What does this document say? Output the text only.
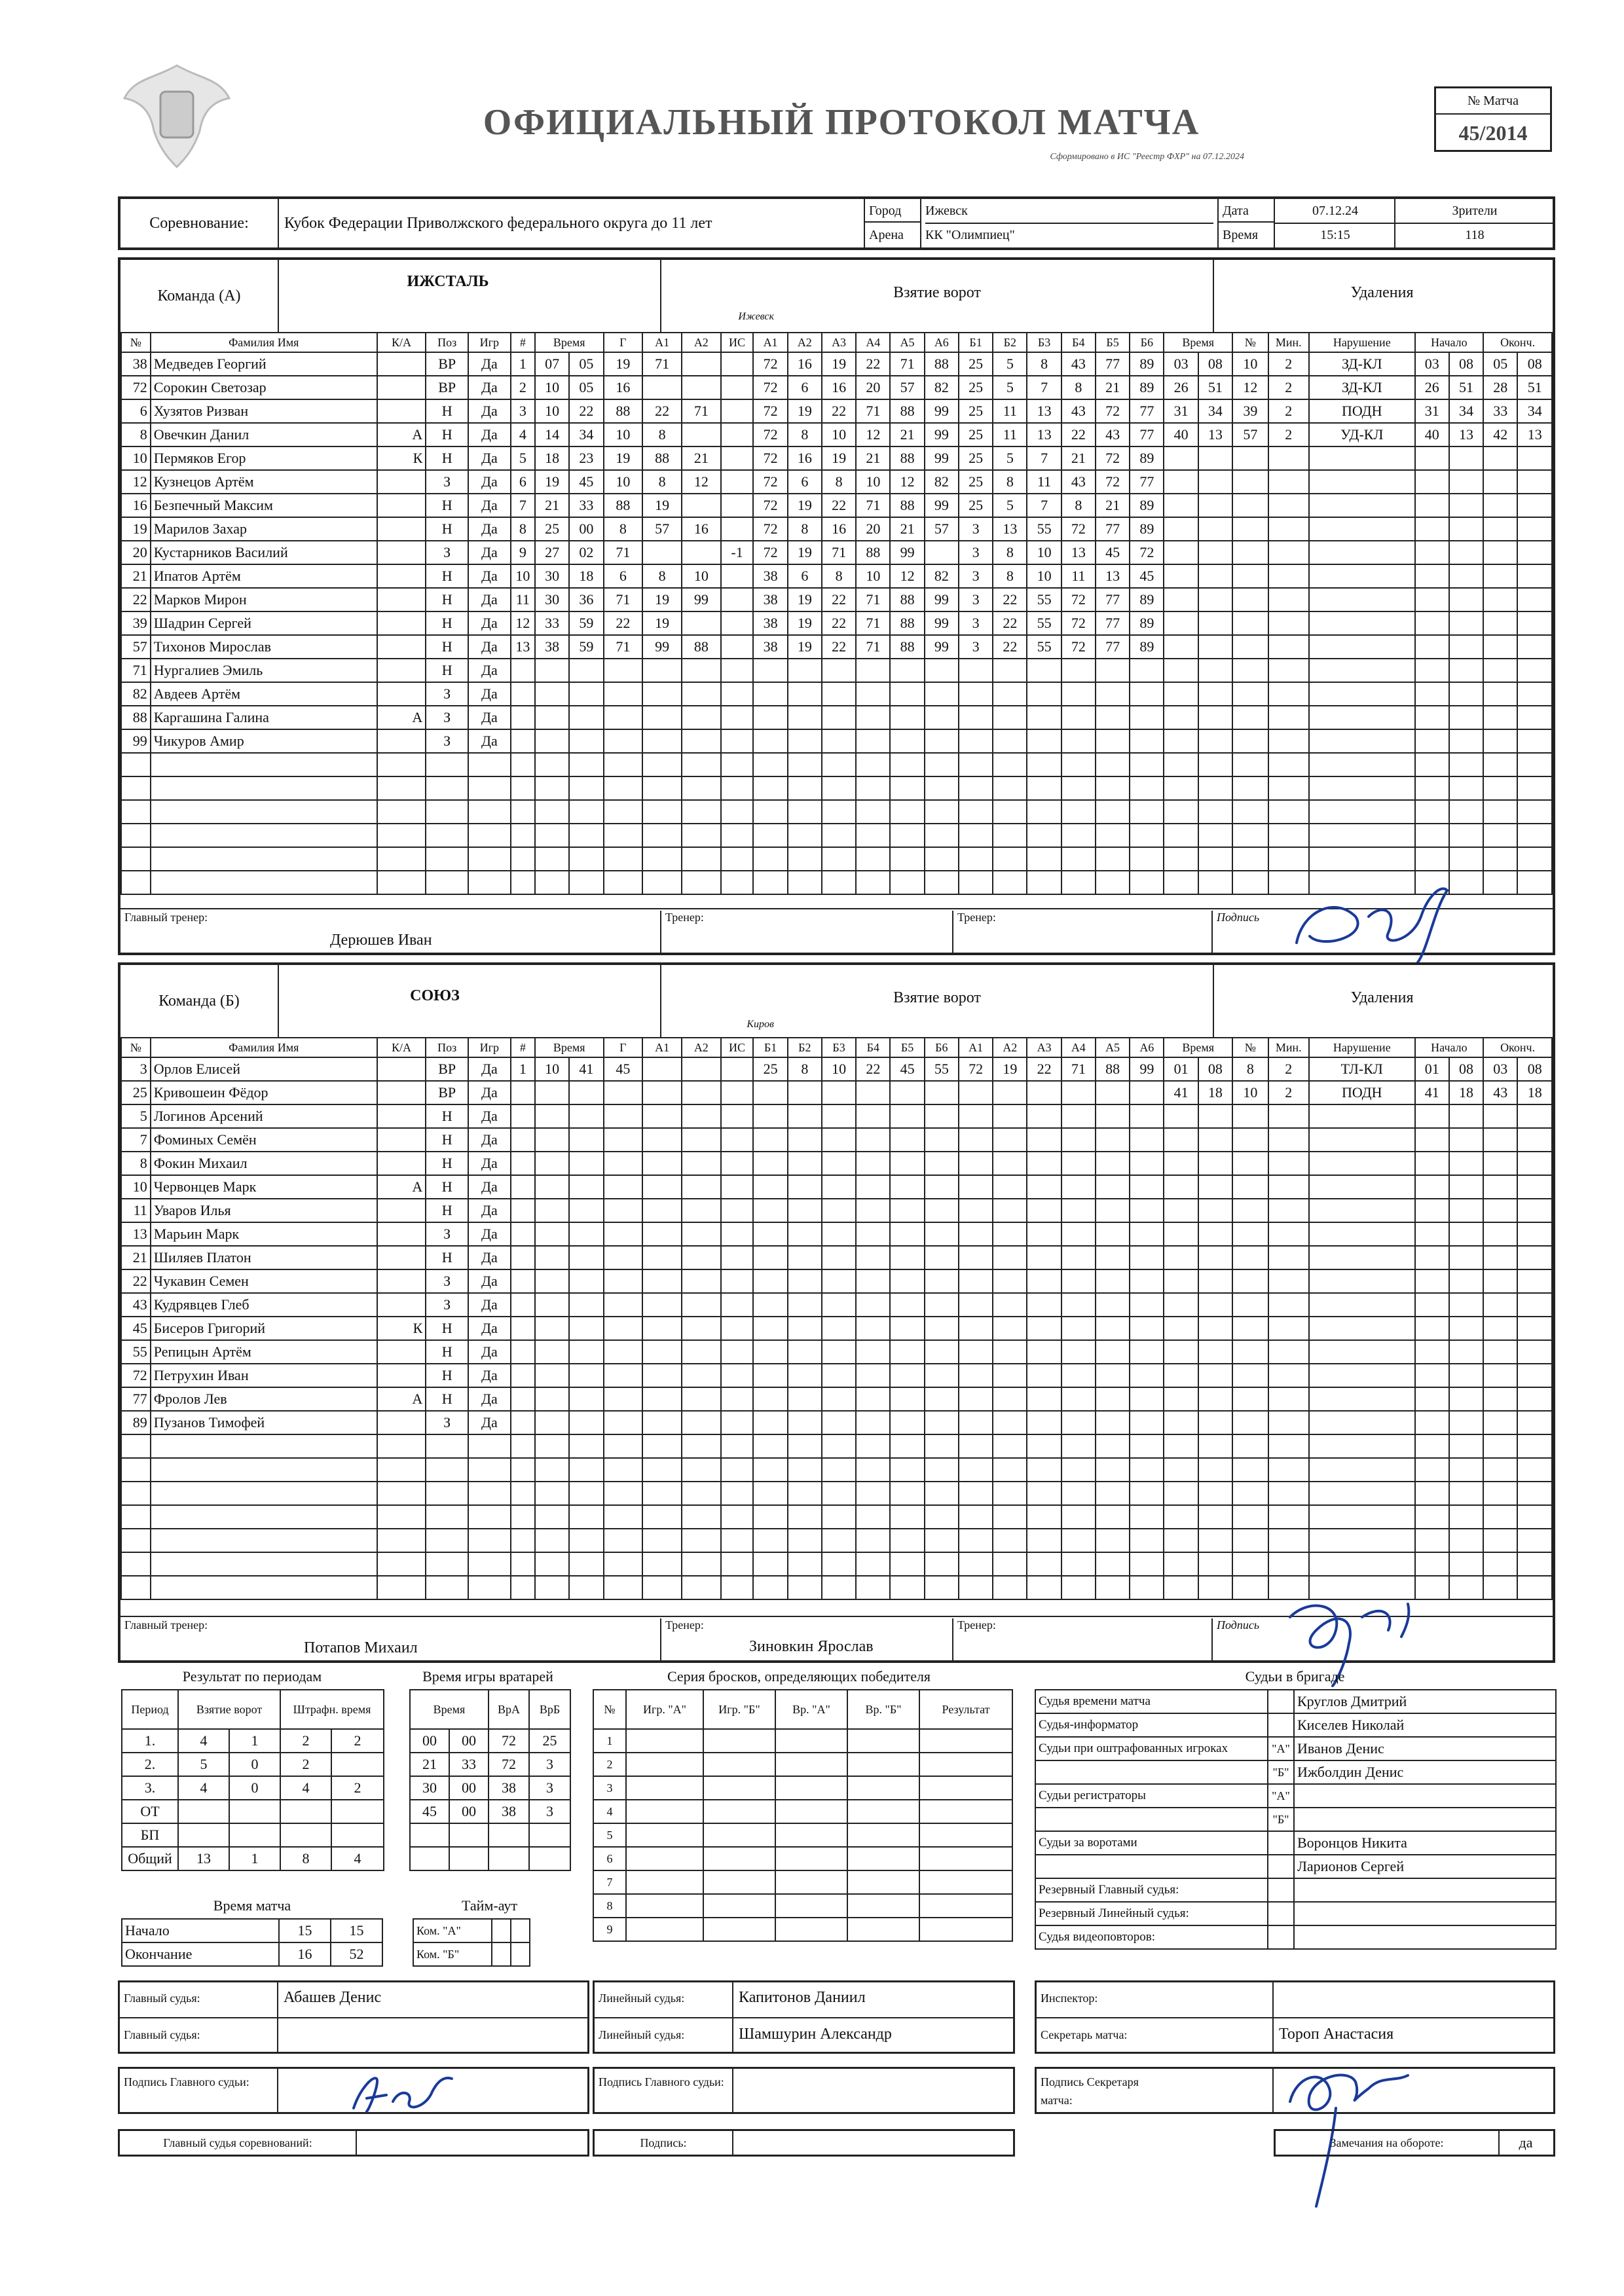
ОФИЦИАЛЬНЫЙ ПРОТОКОЛ МАТЧА
Сформировано в ИС "Реестр ФХР" на 07.12.2024
№ Матча
45/2014
Соревнование:	Кубок Федерации Приволжского федерального округа до 11 лет
Город	Ижевск
Арена	КК "Олимпиец"
Дата	07.12.24
Время	15:15
Зрители
118
Команда (А)
ИЖСТАЛЬ
Ижевск
Взятие ворот	Удаления
№	Фамилия Имя	К/А	Поз	Игр	#	Время		Г	А1	А2	ИС	А1	А2	А3	А4	А5	А6	Б1	Б2	Б3	Б4	Б5	Б6	Время		№	Мин.	Нарушение	Начало		Оконч.	
38	Медведев Георгий		ВР	Да	1	07	05	19	71			72	16	19	22	71	88	25	5	8	43	77	89	03	08	10	2	ЗД-КЛ	03	08	05	08
72	Сорокин Светозар		ВР	Да	2	10	05	16				72	6	16	20	57	82	25	5	7	8	21	89	26	51	12	2	ЗД-КЛ	26	51	28	51
6	Хузятов Ризван		Н	Да	3	10	22	88	22	71		72	19	22	71	88	99	25	11	13	43	72	77	31	34	39	2	ПОДН	31	34	33	34
8	Овечкин Данил	А	Н	Да	4	14	34	10	8			72	8	10	12	21	99	25	11	13	22	43	77	40	13	57	2	УД-КЛ	40	13	42	13
10	Пермяков Егор	К	Н	Да	5	18	23	19	88	21		72	16	19	21	88	99	25	5	7	21	72	89									
12	Кузнецов Артём		З	Да	6	19	45	10	8	12		72	6	8	10	12	82	25	8	11	43	72	77									
16	Безпечный Максим		Н	Да	7	21	33	88	19			72	19	22	71	88	99	25	5	7	8	21	89									
19	Марилов Захар		Н	Да	8	25	00	8	57	16		72	8	16	20	21	57	3	13	55	72	77	89									
20	Кустарников Василий		З	Да	9	27	02	71			-1	72	19	71	88	99		3	8	10	13	45	72									
21	Ипатов Артём		Н	Да	10	30	18	6	8	10		38	6	8	10	12	82	3	8	10	11	13	45									
22	Марков Мирон		Н	Да	11	30	36	71	19	99		38	19	22	71	88	99	3	22	55	72	77	89									
39	Шадрин Сергей		Н	Да	12	33	59	22	19			38	19	22	71	88	99	3	22	55	72	77	89									
57	Тихонов Мирослав		Н	Да	13	38	59	71	99	88		38	19	22	71	88	99	3	22	55	72	77	89									
71	Нургалиев Эмиль		Н	Да																												
82	Авдеев Артём		З	Да																												
88	Каргашина Галина	А	З	Да																												
99	Чикуров Амир		З	Да																												

Главный тренер:
Дерюшев Иван
Тренер:	Тренер:	Подпись
Команда (Б)	СОЮЗ
Киров
Взятие ворот	Удаления
№	Фамилия Имя	К/А	Поз	Игр	#	Время		Г	А1	А2	ИС	Б1	Б2	Б3	Б4	Б5	Б6	А1	А2	А3	А4	А5	А6	Время		№	Мин.	Нарушение	Начало		Оконч.	
3	Орлов Елисей		ВР	Да	1	10	41	45				25	8	10	22	45	55	72	19	22	71	88	99	01	08	8	2	ТЛ-КЛ	01	08	03	08
25	Кривошеин Фёдор		ВР	Да																				41	18	10	2	ПОДН	41	18	43	18
5	Логинов Арсений		Н	Да																												
7	Фоминых Семён		Н	Да																												
8	Фокин Михаил		Н	Да																												
10	Червонцев Марк	А	Н	Да																												
11	Уваров Илья		Н	Да																												
13	Марьин Марк		З	Да																												
21	Шиляев Платон		Н	Да																												
22	Чукавин Семен		З	Да																												
43	Кудрявцев Глеб		З	Да																												
45	Бисеров Григорий	К	Н	Да																												
55	Репицын Артём		Н	Да																												
72	Петрухин Иван		Н	Да																												
77	Фролов Лев	А	Н	Да																												
89	Пузанов Тимофей		З	Да																												

Главный тренер:
Потапов Михаил
Тренер:
Зиновкин Ярослав
Тренер:	Подпись
Результат по периодам
Период	Взятие ворот		Штрафн. время	
1.	4	1	2	2
2.	5	0	2	
3.	4	0	4	2
ОТ				
БП				
Общий	13	1	8	4
Время игры вратарей
Время		ВрА	ВрБ
00	00	72	25
21	33	72	3
30	00	38	3
45	00	38	3

Серия бросков, определяющих победителя
№	Игр. "А"	Игр. "Б"	Вр. "А"	Вр. "Б"	Результат
1					
2					
3					
4					
5					
6					
7					
8					
9					
Время матча
Начало	15	15
Окончание	16	52
Тайм-аут
Ком. "А"		
Ком. "Б"		
Судьи в бригаде
Судья времени матча		Круглов Дмитрий
Судья-информатор		Киселев Николай
Судьи при оштрафованных игроках	"А"	Иванов Денис
	"Б"	Ижболдин Денис
Судьи регистраторы	"А"	
	"Б"	
Судьи за воротами		Воронцов Никита
		Ларионов Сергей
Резервный Главный судья:		
Резервный Линейный судья:		
Судья видеоповторов:		
Главный судья:	Абашев Денис
Главный судья:
Линейный судья:	Капитонов Даниил
Линейный судья:	Шамшурин Александр
Инспектор:
Секретарь матча:	Тороп Анастасия
Подпись Главного судьи:	Подпись Главного судьи:	Подпись Секретаря матча:
Главный судья соревнований:	Подпись:	Замечания на обороте:	да
